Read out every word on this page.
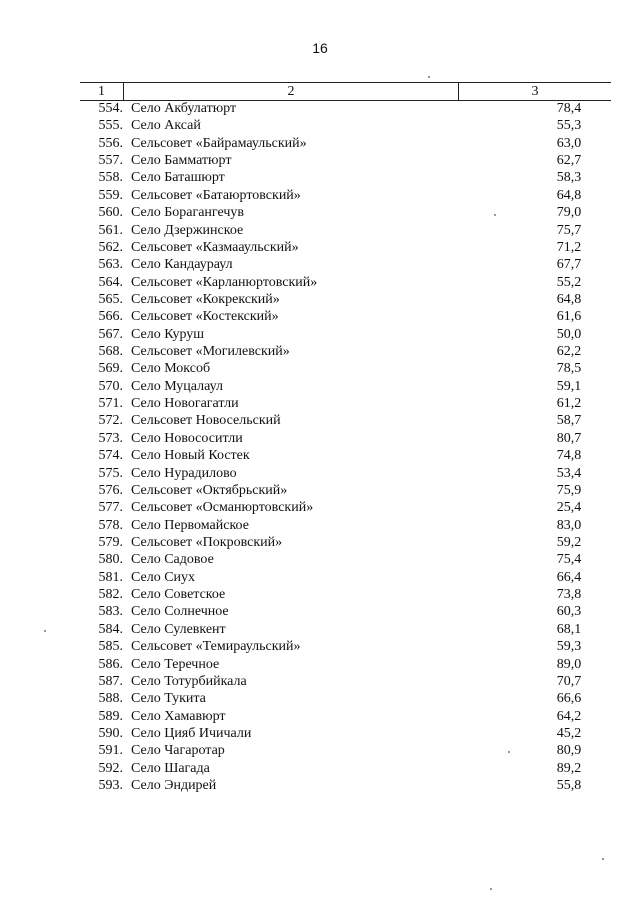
16
1	2	3
554. Село Акбулатюрт	78,4
555. Село Аксай	55,3
556. Сельсовет «Байрамаульский»	63,0
557. Село Бамматюрт	62,7
558. Село Баташюрт	58,3
559. Сельсовет «Батаюртовский»	64,8
560. Село Борагангечув	79,0
561. Село Дзержинское	75,7
562. Сельсовет «Казмааульский»	71,2
563. Село Кандаураул	67,7
564. Сельсовет «Карланюртовский»	55,2
565. Сельсовет «Кокрекский»	64,8
566. Сельсовет «Костекский»	61,6
567. Село Куруш	50,0
568. Сельсовет «Могилевский»	62,2
569. Село Моксоб	78,5
570. Село Муцалаул	59,1
571. Село Новогагатли	61,2
572. Сельсовет Новосельский	58,7
573. Село Новососитли	80,7
574. Село Новый Костек	74,8
575. Село Нурадилово	53,4
576. Сельсовет «Октябрьский»	75,9
577. Сельсовет «Османюртовский»	25,4
578. Село Первомайское	83,0
579. Сельсовет «Покровский»	59,2
580. Село Садовое	75,4
581. Село Сиух	66,4
582. Село Советское	73,8
583. Село Солнечное	60,3
584. Село Сулевкент	68,1
585. Сельсовет «Темираульский»	59,3
586. Село Теречное	89,0
587. Село Тотурбийкала	70,7
588. Село Тукита	66,6
589. Село Хамавюрт	64,2
590. Село Цияб Ичичали	45,2
591. Село Чагаротар	80,9
592. Село Шагада	89,2
593. Село Эндирей	55,8
